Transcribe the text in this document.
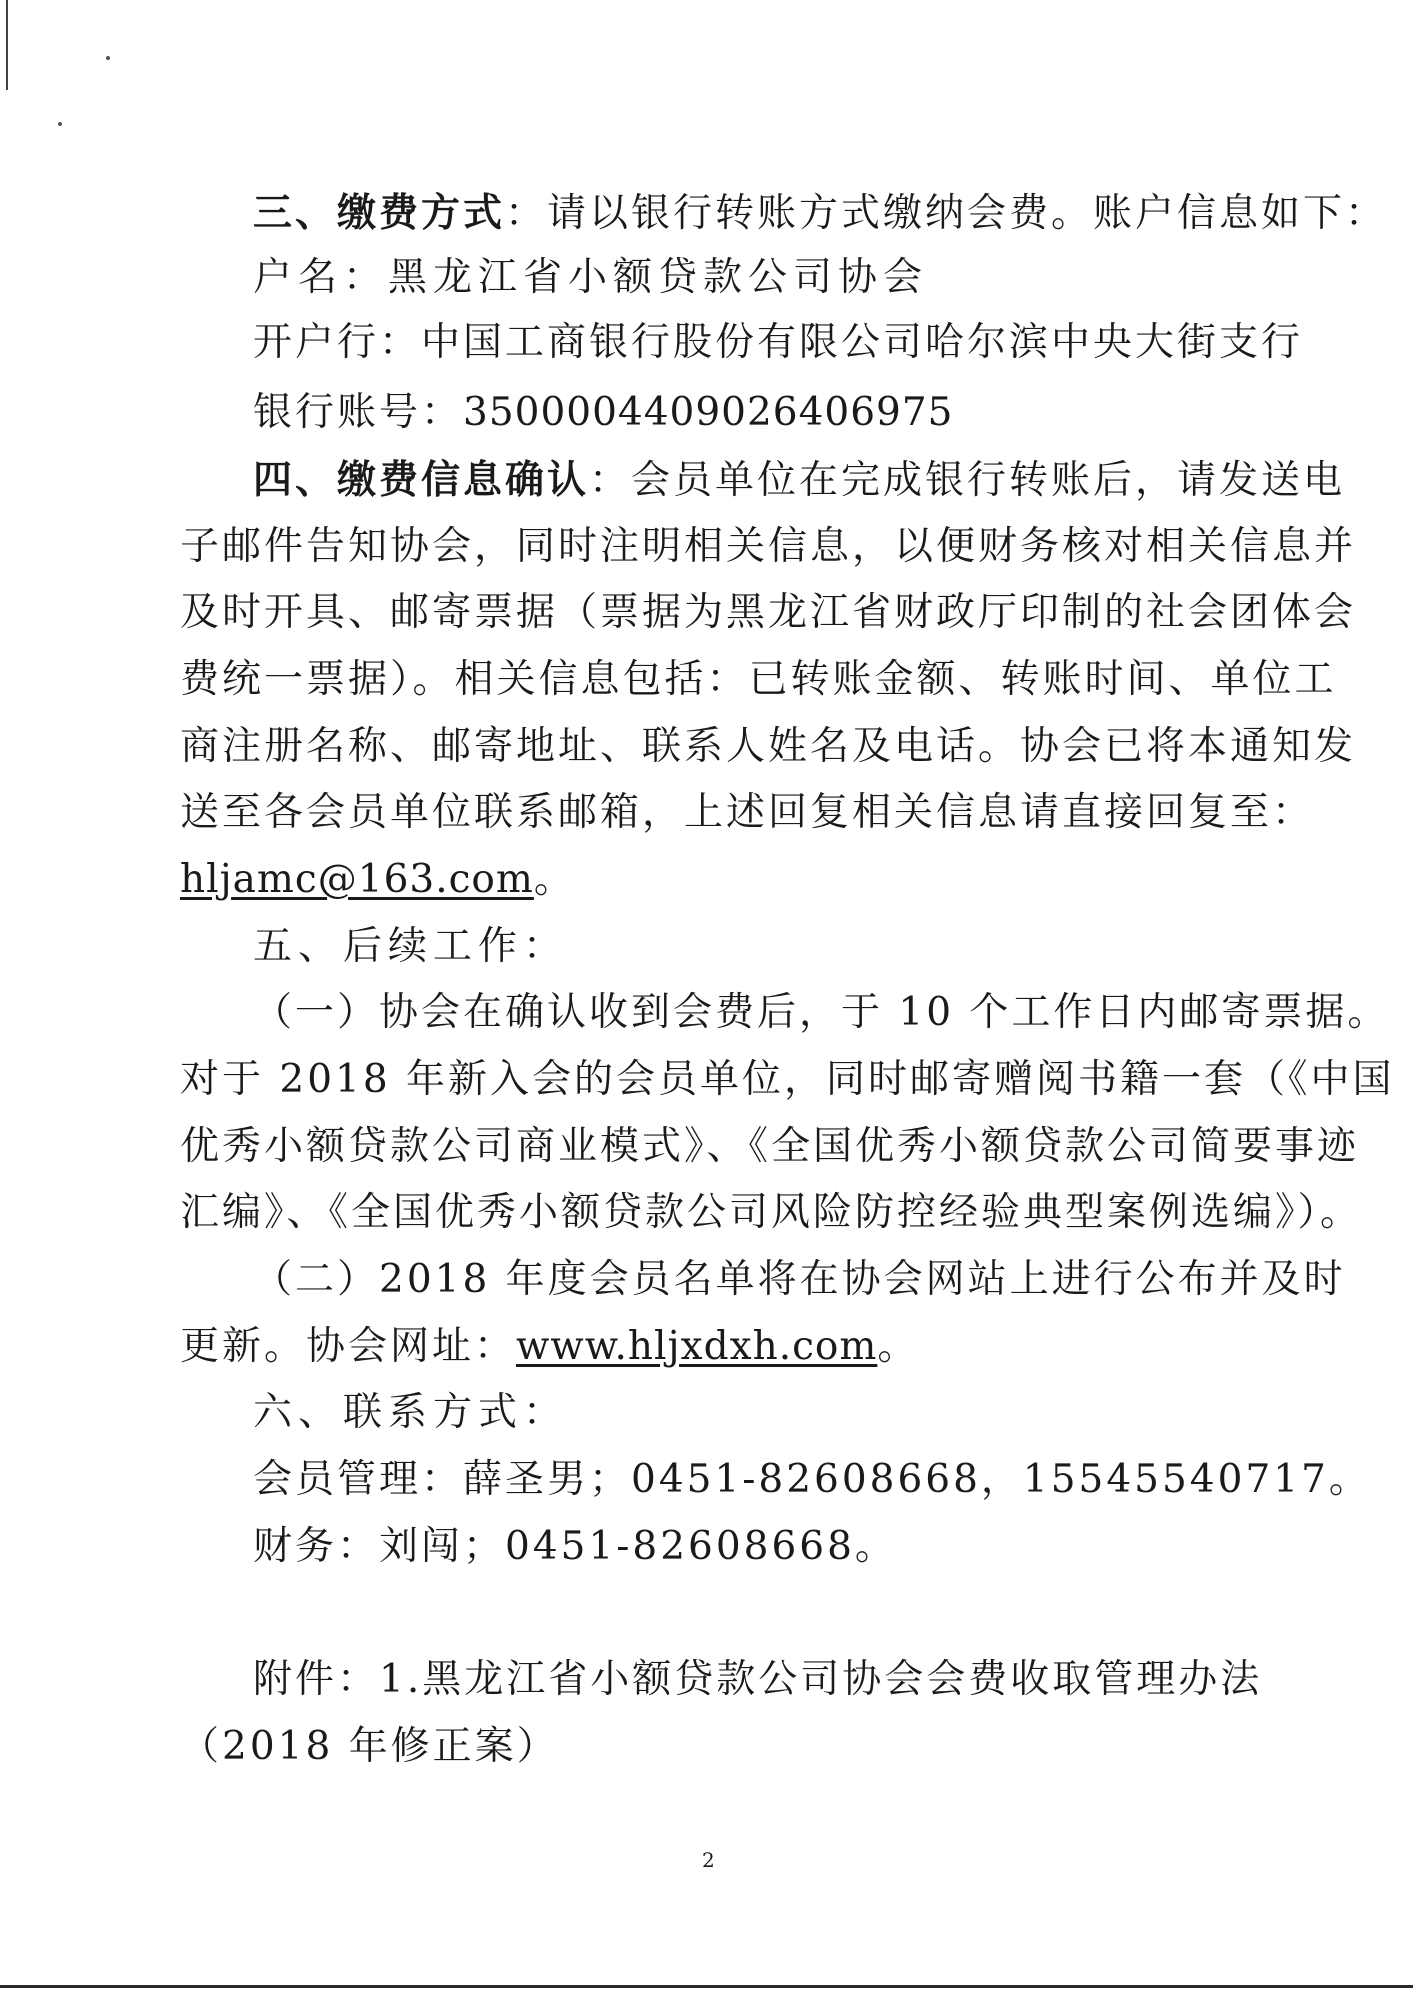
三、缴费方式：请以银行转账方式缴纳会费。账户信息如下：
户名：黑龙江省小额贷款公司协会
开户行：中国工商银行股份有限公司哈尔滨中央大街支行
银行账号：3500004409026406975
四、缴费信息确认：会员单位在完成银行转账后，请发送电
子邮件告知协会，同时注明相关信息，以便财务核对相关信息并
及时开具、邮寄票据（票据为黑龙江省财政厅印制的社会团体会
费统一票据）。相关信息包括：已转账金额、转账时间、单位工
商注册名称、邮寄地址、联系人姓名及电话。协会已将本通知发
送至各会员单位联系邮箱，上述回复相关信息请直接回复至：
hljamc@163.com。
五、后续工作：
（一）协会在确认收到会费后，于 10 个工作日内邮寄票据。
对于 2018 年新入会的会员单位，同时邮寄赠阅书籍一套（《中国
优秀小额贷款公司商业模式》、《全国优秀小额贷款公司简要事迹
汇编》、《全国优秀小额贷款公司风险防控经验典型案例选编》）。
（二）2018 年度会员名单将在协会网站上进行公布并及时
更新。协会网址：www.hljxdxh.com。
六、联系方式：
会员管理：薛圣男；0451-82608668，15545540717。
财务：刘闯；0451-82608668。
附件：1.黑龙江省小额贷款公司协会会费收取管理办法
（2018 年修正案）
2
